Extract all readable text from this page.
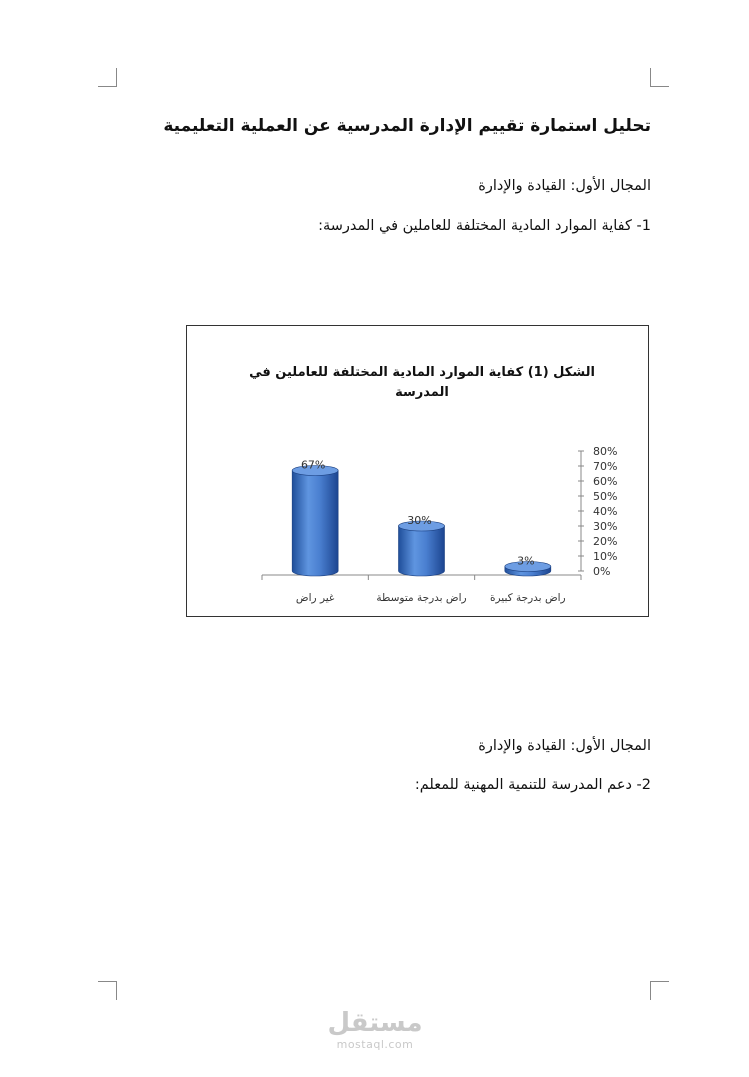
تحليل استمارة تقييم الإدارة المدرسية عن العملية التعليمية
المجال الأول: القيادة والإدارة
1- كفاية الموارد المادية المختلفة للعاملين في المدرسة:
الشكل (1) كفاية الموارد المادية المختلفة للعاملين في
المدرسة
80%
70%
60%
50%
40%
30%
20%
10%
0%
67%
غير راض
30%
راض بدرجة متوسطة
3%
راض بدرجة كبيرة
المجال الأول: القيادة والإدارة
2- دعم المدرسة للتنمية المهنية للمعلم:
مستقل
mostaql.com
